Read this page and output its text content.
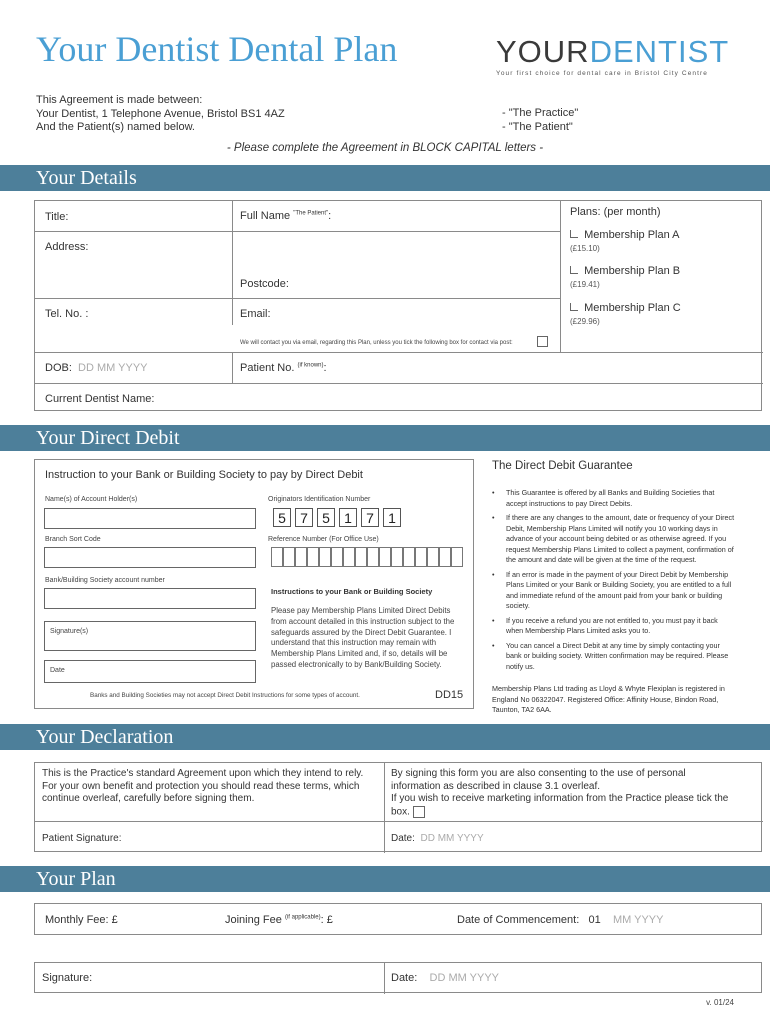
Your Dentist Dental Plan	YOURDENTIST
Your first choice for dental care in Bristol City Centre
This Agreement is made between:
Your Dentist, 1 Telephone Avenue, Bristol BS1 4AZ
And the Patient(s) named below.
- "The Practice"
- "The Patient"
- Please complete the Agreement in BLOCK CAPITAL letters -
Your Details
Title:	Full Name $^{"The Patient"}$:
Address:
Postcode:
Tel. No. :	Email:
We will contact you via email, regarding this Plan, unless you tick the following box for contact via post:
DOB: DD MM YYYY	Patient No. $^{(if known)}$:
Current Dentist Name:
Plans: (per month)
Membership Plan A
(£15.10)
Membership Plan B
(£19.41)
Membership Plan C
(£29.96)
Your Direct Debit
Instruction to your Bank or Building Society to pay by Direct Debit
Name(s) of Account Holder(s)	Originators Identification Number
5	7	5	1	7	1
Branch Sort Code	Reference Number (For Office Use)
Bank/Building Society account number
Instructions to your Bank or Building Society
Please pay Membership Plans Limited Direct Debits from account detailed in this instruction subject to the safeguards assured by the Direct Debit Guarantee. I understand that this instruction may remain with Membership Plans Limited and, if so, details will be passed electronically to by Bank/Building Society.
Signature(s)
Date
Banks and Building Societies may not accept Direct Debit Instructions for some types of account.	DD15
The Direct Debit Guarantee
• This Guarantee is offered by all Banks and Building Societies that accept instructions to pay Direct Debits.
• If there are any changes to the amount, date or frequency of your Direct Debit, Membership Plans Limited will notify you 10 working days in advance of your account being debited or as otherwise agreed. If you request Membership Plans Limited to collect a payment, confirmation of the amount and date will be given at the time of the request.
• If an error is made in the payment of your Direct Debit by Membership Plans Limited or your Bank or Building Society, you are entitled to a full and immediate refund of the amount paid from your bank or building society.
• If you receive a refund you are not entitled to, you must pay it back when Membership Plans Limited asks you to.
• You can cancel a Direct Debit at any time by simply contacting your bank or building society. Written confirmation may be required. Please notify us.
Membership Plans Ltd trading as Lloyd & Whyte Flexiplan is registered in England No 06322047. Registered Office: Affinity House, Bindon Road, Taunton, TA2 6AA.
Your Declaration
This is the Practice's standard Agreement upon which they intend to rely. For your own benefit and protection you should read these terms, which continue overleaf, carefully before signing them.
By signing this form you are also consenting to the use of personal information as described in clause 3.1 overleaf.
If you wish to receive marketing information from the Practice please tick the box.
Patient Signature:	Date: DD MM YYYY
Your Plan
Monthly Fee: £	Joining Fee $^{(if applicable)}$: £	Date of Commencement: 01 MM YYYY
Signature:	Date: DD MM YYYY
v. 01/24
